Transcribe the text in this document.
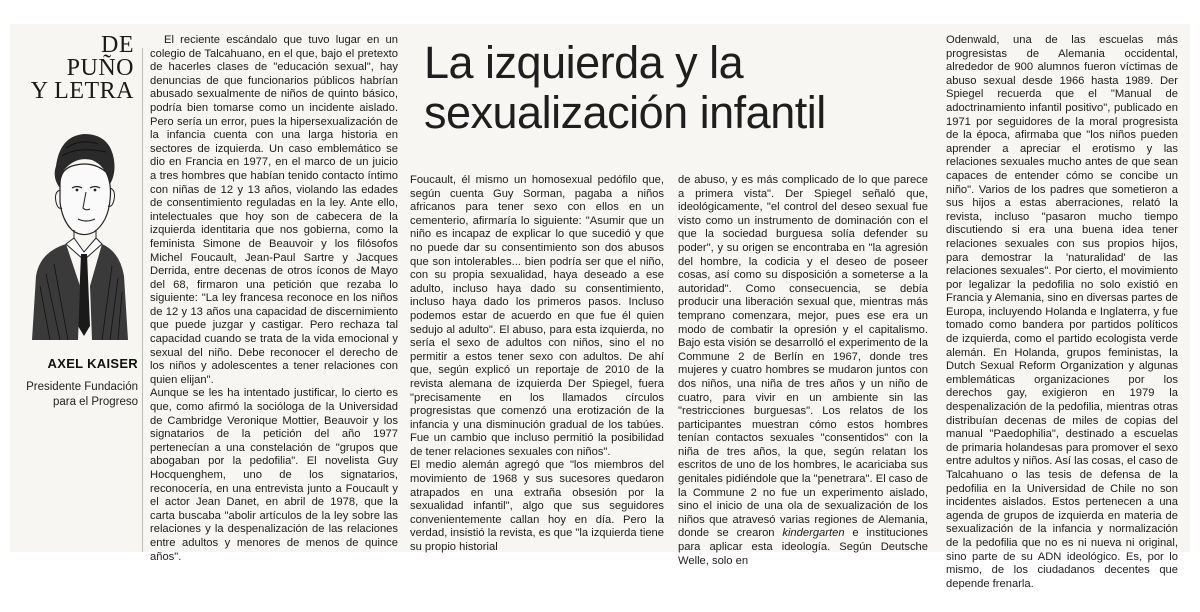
DE
PUÑO
Y LETRA
AXEL KAISER
Presidente Fundación
para el Progreso
La izquierda y la
sexualización infantil

El reciente escándalo que tuvo lugar en un colegio de Talcahuano, en el que, bajo el pretexto de hacerles clases de "educación sexual", hay denuncias de que funcionarios públicos habrían abusado sexualmente de niños de quinto básico, podría bien tomarse como un incidente aislado. Pero sería un error, pues la hipersexualización de la infancia cuenta con una larga historia en sectores de izquierda. Un caso emblemático se dio en Francia en 1977, en el marco de un juicio a tres hombres que habían tenido contacto íntimo con niñas de 12 y 13 años, violando las edades de consentimiento reguladas en la ley. Ante ello, intelectuales que hoy son de cabecera de la izquierda identitaria que nos gobierna, como la feminista Simone de Beauvoir y los filósofos Michel Foucault, Jean-Paul Sartre y Jacques Derrida, entre decenas de otros íconos de Mayo del 68, firmaron una petición que rezaba lo siguiente: "La ley francesa reconoce en los niños de 12 y 13 años una capacidad de discernimiento que puede juzgar y castigar. Pero rechaza tal capacidad cuando se trata de la vida emocional y sexual del niño. Debe reconocer el derecho de los niños y adolescentes a tener relaciones con quien elijan".

Aunque se les ha intentado justificar, lo cierto es que, como afirmó la socióloga de la Universidad de Cambridge Veronique Mottier, Beauvoir y los signatarios de la petición del año 1977 pertenecían a una constelación de "grupos que abogaban por la pedofilia". El novelista Guy Hocquenghem, uno de los signatarios, reconocería, en una entrevista junto a Foucault y el actor Jean Danet, en abril de 1978, que la carta buscaba "abolir artículos de la ley sobre las relaciones y la despenalización de las relaciones entre adultos y menores de menos de quince años".

Foucault, él mismo un homosexual pedófilo que, según cuenta Guy Sorman, pagaba a niños africanos para tener sexo con ellos en un cementerio, afirmaría lo siguiente: "Asumir que un niño es incapaz de explicar lo que sucedió y que no puede dar su consentimiento son dos abusos que son intolerables... bien podría ser que el niño, con su propia sexualidad, haya deseado a ese adulto, incluso haya dado su consentimiento, incluso haya dado los primeros pasos. Incluso podemos estar de acuerdo en que fue él quien sedujo al adulto". El abuso, para esta izquierda, no sería el sexo de adultos con niños, sino el no permitir a estos tener sexo con adultos. De ahí que, según explicó un reportaje de 2010 de la revista alemana de izquierda Der Spiegel, fuera "precisamente en los llamados círculos progresistas que comenzó una erotización de la infancia y una disminución gradual de los tabúes. Fue un cambio que incluso permitió la posibilidad de tener relaciones sexuales con niños".

El medio alemán agregó que "los miembros del movimiento de 1968 y sus sucesores quedaron atrapados en una extraña obsesión por la sexualidad infantil", algo que sus seguidores convenientemente callan hoy en día. Pero la verdad, insistió la revista, es que "la izquierda tiene su propio historial

de abuso, y es más complicado de lo que parece a primera vista". Der Spiegel señaló que, ideológicamente, "el control del deseo sexual fue visto como un instrumento de dominación con el que la sociedad burguesa solía defender su poder", y su origen se encontraba en "la agresión del hombre, la codicia y el deseo de poseer cosas, así como su disposición a someterse a la autoridad". Como consecuencia, se debía producir una liberación sexual que, mientras más temprano comenzara, mejor, pues ese era un modo de combatir la opresión y el capitalismo. Bajo esta visión se desarrolló el experimento de la Commune 2 de Berlín en 1967, donde tres mujeres y cuatro hombres se mudaron juntos con dos niños, una niña de tres años y un niño de cuatro, para vivir en un ambiente sin las "restricciones burguesas". Los relatos de los participantes muestran cómo estos hombres tenían contactos sexuales "consentidos" con la niña de tres años, la que, según relatan los escritos de uno de los hombres, le acariciaba sus genitales pidiéndole que la "penetrara". El caso de la Commune 2 no fue un experimento aislado, sino el inicio de una ola de sexualización de los niños que atravesó varias regiones de Alemania, donde se crearon kindergarten e instituciones para aplicar esta ideología. Según Deutsche Welle, solo en

Odenwald, una de las escuelas más progresistas de Alemania occidental, alrededor de 900 alumnos fueron víctimas de abuso sexual desde 1966 hasta 1989. Der Spiegel recuerda que el "Manual de adoctrinamiento infantil positivo", publicado en 1971 por seguidores de la moral progresista de la época, afirmaba que "los niños pueden aprender a apreciar el erotismo y las relaciones sexuales mucho antes de que sean capaces de entender cómo se concibe un niño". Varios de los padres que sometieron a sus hijos a estas aberraciones, relató la revista, incluso "pasaron mucho tiempo discutiendo si era una buena idea tener relaciones sexuales con sus propios hijos, para demostrar la 'naturalidad' de las relaciones sexuales". Por cierto, el movimiento por legalizar la pedofilia no solo existió en Francia y Alemania, sino en diversas partes de Europa, incluyendo Holanda e Inglaterra, y fue tomado como bandera por partidos políticos de izquierda, como el partido ecologista verde alemán. En Holanda, grupos feministas, la Dutch Sexual Reform Organization y algunas emblemáticas organizaciones por los derechos gay, exigieron en 1979 la despenalización de la pedofilia, mientras otras distribuían decenas de miles de copias del manual "Paedophilia", destinado a escuelas de primaria holandesas para promover el sexo entre adultos y niños. Así las cosas, el caso de Talcahuano o las tesis de defensa de la pedofilia en la Universidad de Chile no son incidentes aislados. Estos pertenecen a una agenda de grupos de izquierda en materia de sexualización de la infancia y normalización de la pedofilia que no es ni nueva ni original, sino parte de su ADN ideológico. Es, por lo mismo, de los ciudadanos decentes que depende frenarla.
